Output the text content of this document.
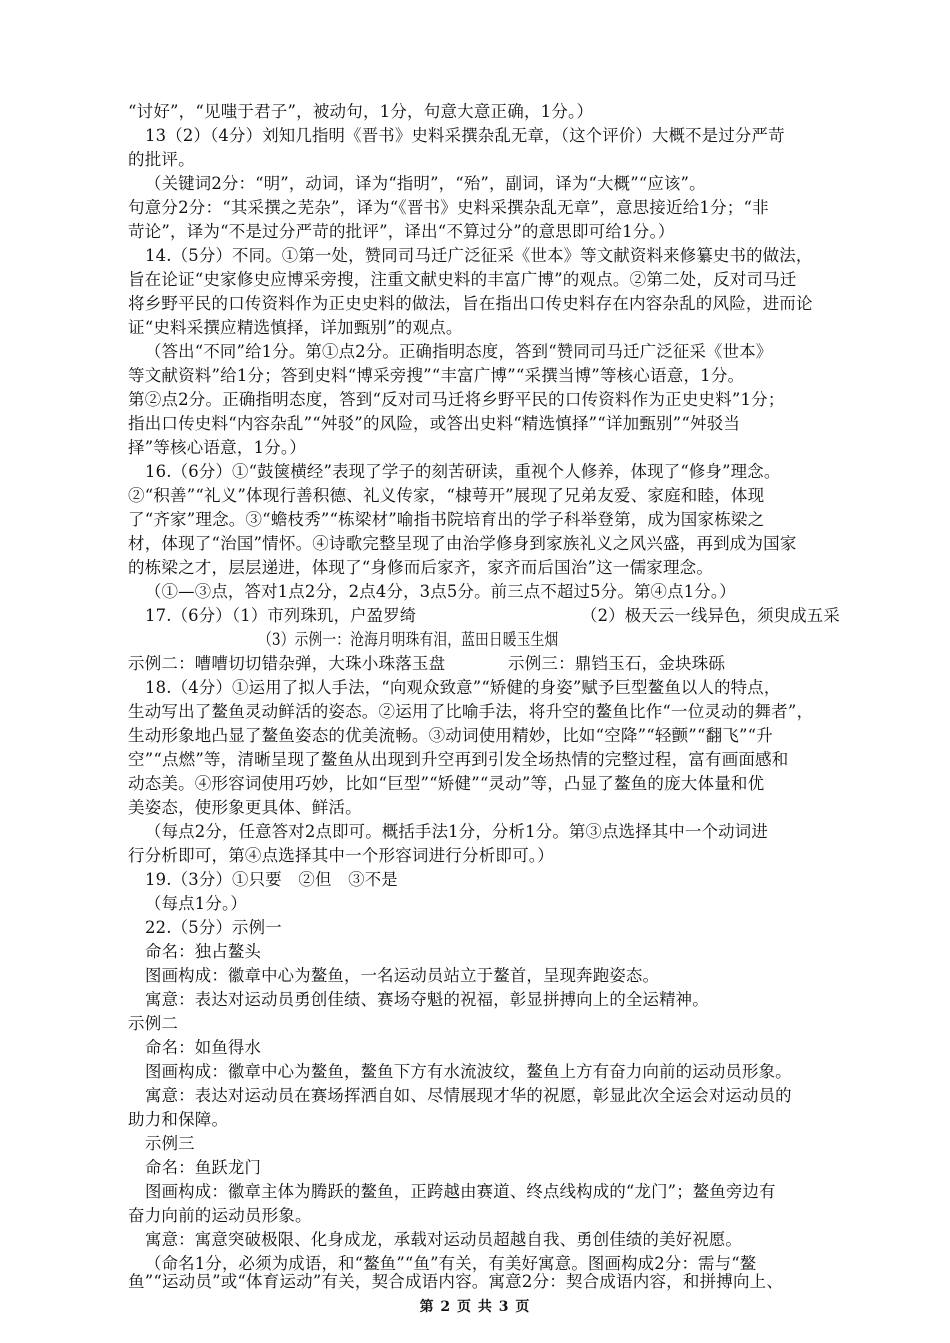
“讨好”，“见嗤于君子”，被动句，1分，句意大意正确，1分。）
13（2）（4分）刘知几指明《晋书》史料采撰杂乱无章，（这个评价）大概不是过分严苛
的批评。
（关键词2分：“明”，动词，译为“指明”，“殆”，副词，译为“大概”“应该”。
句意分2分：“其采撰之芜杂”，译为“《晋书》史料采撰杂乱无章”，意思接近给1分；“非
苛论”，译为“不是过分严苛的批评”，译出“不算过分”的意思即可给1分。）
14.（5分）不同。①第一处，赞同司马迁广泛征采《世本》等文献资料来修纂史书的做法，
旨在论证“史家修史应博采旁搜，注重文献史料的丰富广博”的观点。②第二处，反对司马迁
将乡野平民的口传资料作为正史史料的做法，旨在指出口传史料存在内容杂乱的风险，进而论
证“史料采撰应精选慎择，详加甄别”的观点。
（答出“不同”给1分。第①点2分。正确指明态度，答到“赞同司马迁广泛征采《世本》
等文献资料”给1分；答到史料“博采旁搜”“丰富广博”“采撰当博”等核心语意，1分。
第②点2分。正确指明态度，答到“反对司马迁将乡野平民的口传资料作为正史史料”1分；
指出口传史料“内容杂乱”“舛驳”的风险，或答出史料“精选慎择”“详加甄别”“舛驳当
择”等核心语意，1分。）
16.（6分）①“鼓箧横经”表现了学子的刻苦研读，重视个人修养，体现了“修身”理念。
②“积善”“礼义”体现行善积德、礼义传家，“棣萼开”展现了兄弟友爱、家庭和睦，体现
了“齐家”理念。③“蟾枝秀”“栋梁材”喻指书院培育出的学子科举登第，成为国家栋梁之
材，体现了“治国”情怀。④诗歌完整呈现了由治学修身到家族礼义之风兴盛，再到成为国家
的栋梁之才，层层递进，体现了“身修而后家齐，家齐而后国治”这一儒家理念。
（①—③点，答对1点2分，2点4分，3点5分。前三点不超过5分。第④点1分。）
17.（6分）（1）市列珠玑，户盈罗绮	（2）极天云一线异色，须臾成五采
（3）示例一：沧海月明珠有泪，蓝田日暖玉生烟
示例二：嘈嘈切切错杂弹，大珠小珠落玉盘	示例三：鼎铛玉石，金块珠砾
18.（4分）①运用了拟人手法，“向观众致意”“矫健的身姿”赋予巨型鳌鱼以人的特点，
生动写出了鳌鱼灵动鲜活的姿态。②运用了比喻手法，将升空的鳌鱼比作“一位灵动的舞者”，
生动形象地凸显了鳌鱼姿态的优美流畅。③动词使用精妙，比如“空降”“轻颤”“翻飞”“升
空”“点燃”等，清晰呈现了鳌鱼从出现到升空再到引发全场热情的完整过程，富有画面感和
动态美。④形容词使用巧妙，比如“巨型”“矫健”“灵动”等，凸显了鳌鱼的庞大体量和优
美姿态，使形象更具体、鲜活。
（每点2分，任意答对2点即可。概括手法1分，分析1分。第③点选择其中一个动词进
行分析即可，第④点选择其中一个形容词进行分析即可。）
19.（3分）①只要　②但　③不是
（每点1分。）
22.（5分）示例一
命名：独占鳌头
图画构成：徽章中心为鳌鱼，一名运动员站立于鳌首，呈现奔跑姿态。
寓意：表达对运动员勇创佳绩、赛场夺魁的祝福，彰显拼搏向上的全运精神。
示例二
命名：如鱼得水
图画构成：徽章中心为鳌鱼，鳌鱼下方有水流波纹，鳌鱼上方有奋力向前的运动员形象。
寓意：表达对运动员在赛场挥洒自如、尽情展现才华的祝愿，彰显此次全运会对运动员的
助力和保障。
示例三
命名：鱼跃龙门
图画构成：徽章主体为腾跃的鳌鱼，正跨越由赛道、终点线构成的“龙门”；鳌鱼旁边有
奋力向前的运动员形象。
寓意：寓意突破极限、化身成龙，承载对运动员超越自我、勇创佳绩的美好祝愿。
（命名1分，必须为成语，和“鳌鱼”“鱼”有关，有美好寓意。图画构成2分：需与“鳌
第 2 页 共 3 页
鱼”“运动员”或“体育运动”有关，契合成语内容。寓意2分：契合成语内容，和拼搏向上、
